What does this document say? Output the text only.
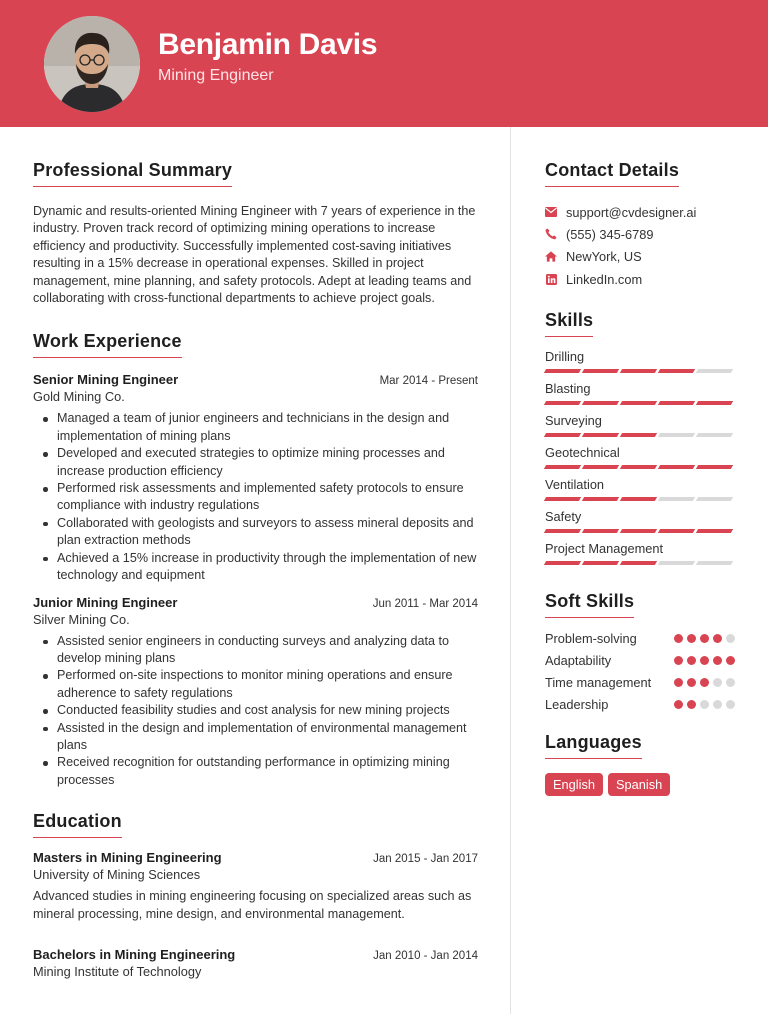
Benjamin Davis
Mining Engineer
Professional Summary

Dynamic and results-oriented Mining Engineer with 7 years of experience in the industry. Proven track record of optimizing mining operations to increase efficiency and productivity. Successfully implemented cost-saving initiatives resulting in a 15% decrease in operational expenses. Skilled in project management, mine planning, and safety protocols. Adept at leading teams and collaborating with cross-functional departments to achieve project goals.

Work Experience
Senior Mining Engineer	Mar 2014 - Present
Gold Mining Co.
Managed a team of junior engineers and technicians in the design and implementation of mining plans
Developed and executed strategies to optimize mining processes and increase production efficiency
Performed risk assessments and implemented safety protocols to ensure compliance with industry regulations
Collaborated with geologists and surveyors to assess mineral deposits and plan extraction methods
Achieved a 15% increase in productivity through the implementation of new technology and equipment
Junior Mining Engineer	Jun 2011 - Mar 2014
Silver Mining Co.
Assisted senior engineers in conducting surveys and analyzing data to develop mining plans
Performed on-site inspections to monitor mining operations and ensure adherence to safety regulations
Conducted feasibility studies and cost analysis for new mining projects
Assisted in the design and implementation of environmental management plans
Received recognition for outstanding performance in optimizing mining processes
Education
Masters in Mining Engineering	Jan 2015 - Jan 2017
University of Mining Sciences

Advanced studies in mining engineering focusing on specialized areas such as mineral processing, mine design, and environmental management.

Bachelors in Mining Engineering	Jan 2010 - Jan 2014
Mining Institute of Technology
Contact Details
support@cvdesigner.ai
(555) 345-6789
NewYork, US
LinkedIn.com
Skills
Drilling
Blasting
Surveying
Geotechnical
Ventilation
Safety
Project Management
Soft Skills
Problem-solving
Adaptability
Time management
Leadership
Languages
English	Spanish
